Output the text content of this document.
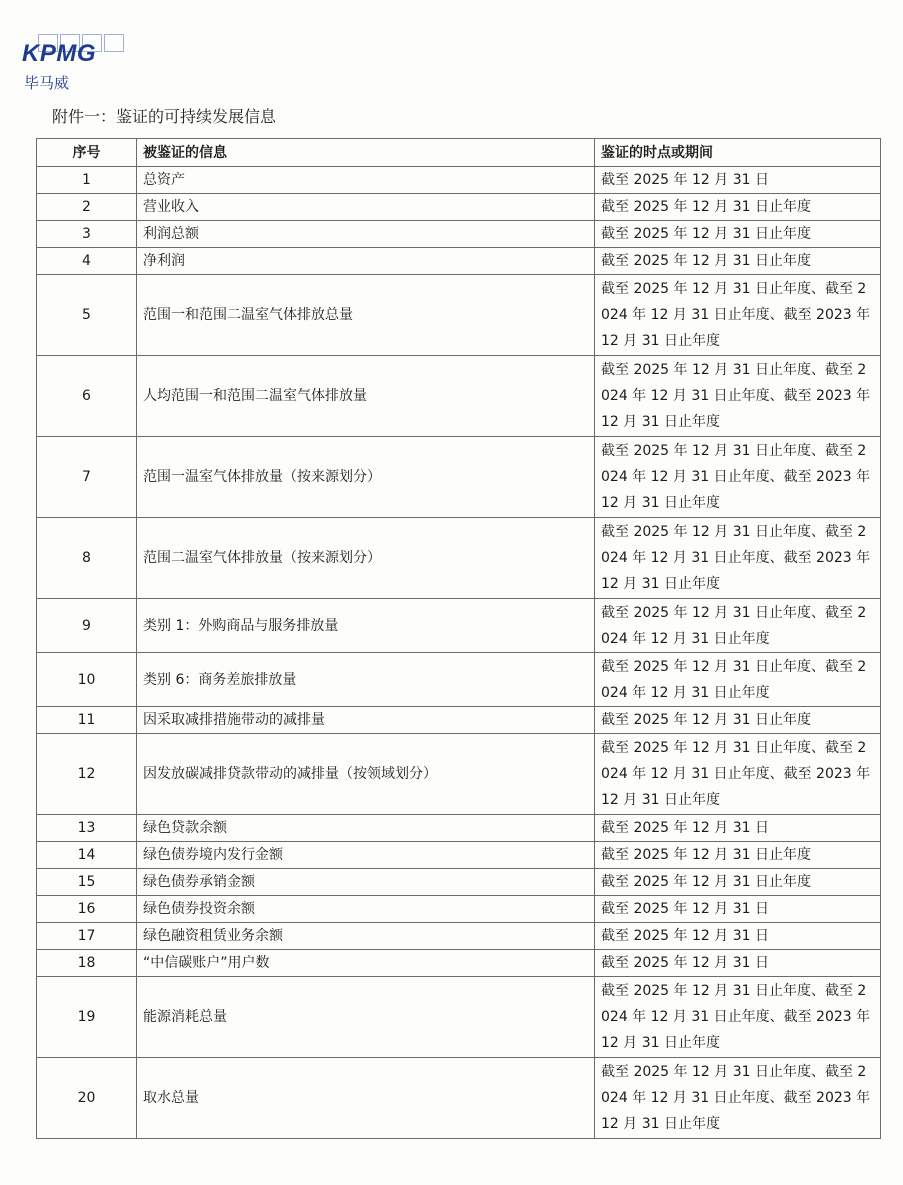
KPMG
毕马威
附件一：鉴证的可持续发展信息
序号	被鉴证的信息	鉴证的时点或期间
1	总资产	截至 2025 年 12 月 31 日
2	营业收入	截至 2025 年 12 月 31 日止年度
3	利润总额	截至 2025 年 12 月 31 日止年度
4	净利润	截至 2025 年 12 月 31 日止年度
5	范围一和范围二温室气体排放总量	截至 2025 年 12 月 31 日止年度、截至 2024 年 12 月 31 日止年度、截至 2023 年 12 月 31 日止年度
6	人均范围一和范围二温室气体排放量	截至 2025 年 12 月 31 日止年度、截至 2024 年 12 月 31 日止年度、截至 2023 年 12 月 31 日止年度
7	范围一温室气体排放量（按来源划分）	截至 2025 年 12 月 31 日止年度、截至 2024 年 12 月 31 日止年度、截至 2023 年 12 月 31 日止年度
8	范围二温室气体排放量（按来源划分）	截至 2025 年 12 月 31 日止年度、截至 2024 年 12 月 31 日止年度、截至 2023 年 12 月 31 日止年度
9	类别 1：外购商品与服务排放量	截至 2025 年 12 月 31 日止年度、截至 2024 年 12 月 31 日止年度
10	类别 6：商务差旅排放量	截至 2025 年 12 月 31 日止年度、截至 2024 年 12 月 31 日止年度
11	因采取减排措施带动的减排量	截至 2025 年 12 月 31 日止年度
12	因发放碳减排贷款带动的减排量（按领域划分）	截至 2025 年 12 月 31 日止年度、截至 2024 年 12 月 31 日止年度、截至 2023 年 12 月 31 日止年度
13	绿色贷款余额	截至 2025 年 12 月 31 日
14	绿色债券境内发行金额	截至 2025 年 12 月 31 日止年度
15	绿色债券承销金额	截至 2025 年 12 月 31 日止年度
16	绿色债券投资余额	截至 2025 年 12 月 31 日
17	绿色融资租赁业务余额	截至 2025 年 12 月 31 日
18	“中信碳账户”用户数	截至 2025 年 12 月 31 日
19	能源消耗总量	截至 2025 年 12 月 31 日止年度、截至 2024 年 12 月 31 日止年度、截至 2023 年 12 月 31 日止年度
20	取水总量	截至 2025 年 12 月 31 日止年度、截至 2024 年 12 月 31 日止年度、截至 2023 年 12 月 31 日止年度
